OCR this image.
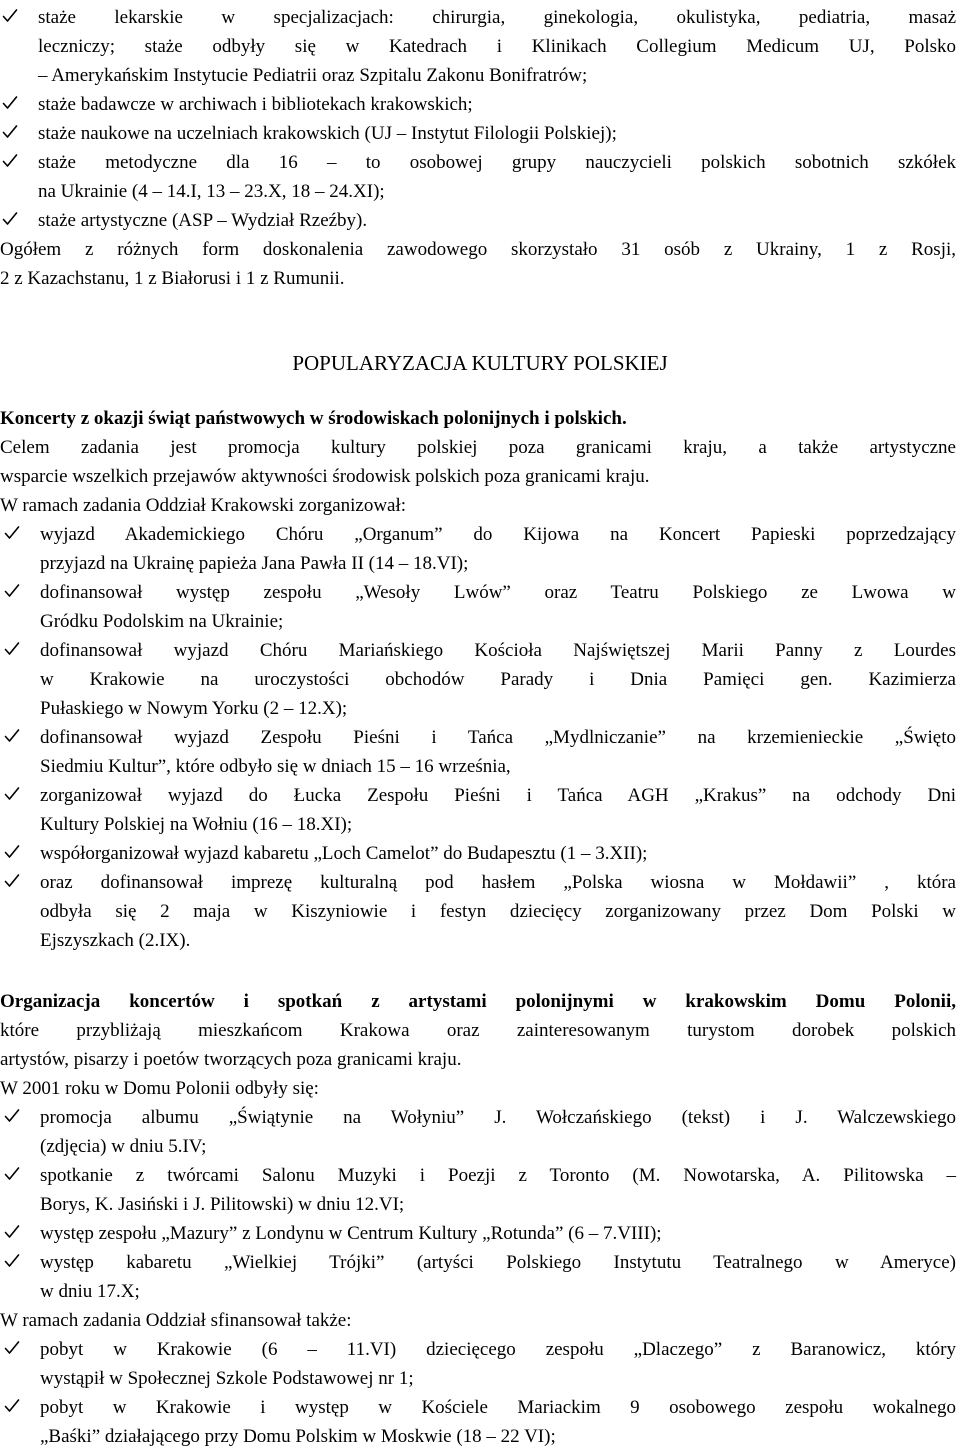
staże lekarskie w specjalizacjach: chirurgia, ginekologia, okulistyka, pediatria, masaż
leczniczy; staże odbyły się w Katedrach i Klinikach Collegium Medicum UJ, Polsko
– Amerykańskim Instytucie Pediatrii oraz Szpitalu Zakonu Bonifratrów;
staże badawcze w archiwach i bibliotekach krakowskich;
staże naukowe na uczelniach krakowskich (UJ – Instytut Filologii Polskiej);
staże metodyczne dla 16 – to osobowej grupy nauczycieli polskich sobotnich szkółek
na Ukrainie (4 – 14.I, 13 – 23.X, 18 – 24.XI);
staże artystyczne (ASP – Wydział Rzeźby).
Ogółem z różnych form doskonalenia zawodowego skorzystało 31 osób z Ukrainy, 1 z Rosji,
2 z Kazachstanu, 1 z Białorusi i 1 z Rumunii.
POPULARYZACJA KULTURY POLSKIEJ
Koncerty z okazji świąt państwowych w środowiskach polonijnych i polskich.
Celem zadania jest promocja kultury polskiej poza granicami kraju, a także artystyczne
wsparcie wszelkich przejawów aktywności środowisk polskich poza granicami kraju.
W ramach zadania Oddział Krakowski zorganizował:
wyjazd Akademickiego Chóru „Organum” do Kijowa na Koncert Papieski poprzedzający
przyjazd na Ukrainę papieża Jana Pawła II (14 – 18.VI);
dofinansował występ zespołu „Wesoły Lwów” oraz Teatru Polskiego ze Lwowa w
Gródku Podolskim na Ukrainie;
dofinansował wyjazd Chóru Mariańskiego Kościoła Najświętszej Marii Panny z Lourdes
w Krakowie na uroczystości obchodów Parady i Dnia Pamięci gen. Kazimierza
Pułaskiego w Nowym Yorku (2 – 12.X);
dofinansował wyjazd Zespołu Pieśni i Tańca „Mydlniczanie” na krzemienieckie „Święto
Siedmiu Kultur”, które odbyło się w dniach 15 – 16 września,
zorganizował wyjazd do Łucka Zespołu Pieśni i Tańca AGH „Krakus” na odchody Dni
Kultury Polskiej na Wołniu (16 – 18.XI);
współorganizował wyjazd kabaretu „Loch Camelot” do Budapesztu (1 – 3.XII);
oraz dofinansował imprezę kulturalną pod hasłem „Polska wiosna w Mołdawii” , która
odbyła się 2 maja w Kiszyniowie i festyn dziecięcy zorganizowany przez Dom Polski w
Ejszyszkach (2.IX).
Organizacja koncertów i spotkań z artystami polonijnymi w krakowskim Domu Polonii,
które przybliżają mieszkańcom Krakowa oraz zainteresowanym turystom dorobek polskich
artystów, pisarzy i poetów tworzących poza granicami kraju.
W 2001 roku w Domu Polonii odbyły się:
promocja albumu „Świątynie na Wołyniu” J. Wołczańskiego (tekst) i J. Walczewskiego
(zdjęcia) w dniu 5.IV;
spotkanie z twórcami Salonu Muzyki i Poezji z Toronto (M. Nowotarska, A. Pilitowska –
Borys, K. Jasiński i J. Pilitowski) w dniu 12.VI;
występ zespołu „Mazury” z Londynu w Centrum Kultury „Rotunda” (6 – 7.VIII);
występ kabaretu „Wielkiej Trójki” (artyści Polskiego Instytutu Teatralnego w Ameryce)
w dniu 17.X;
W ramach zadania Oddział sfinansował także:
pobyt w Krakowie (6 – 11.VI) dziecięcego zespołu „Dlaczego” z Baranowicz, który
wystąpił w Społecznej Szkole Podstawowej nr 1;
pobyt w Krakowie i występ w Kościele Mariackim 9 osobowego zespołu wokalnego
„Baśki” działającego przy Domu Polskim w Moskwie (18 – 22 VI);
